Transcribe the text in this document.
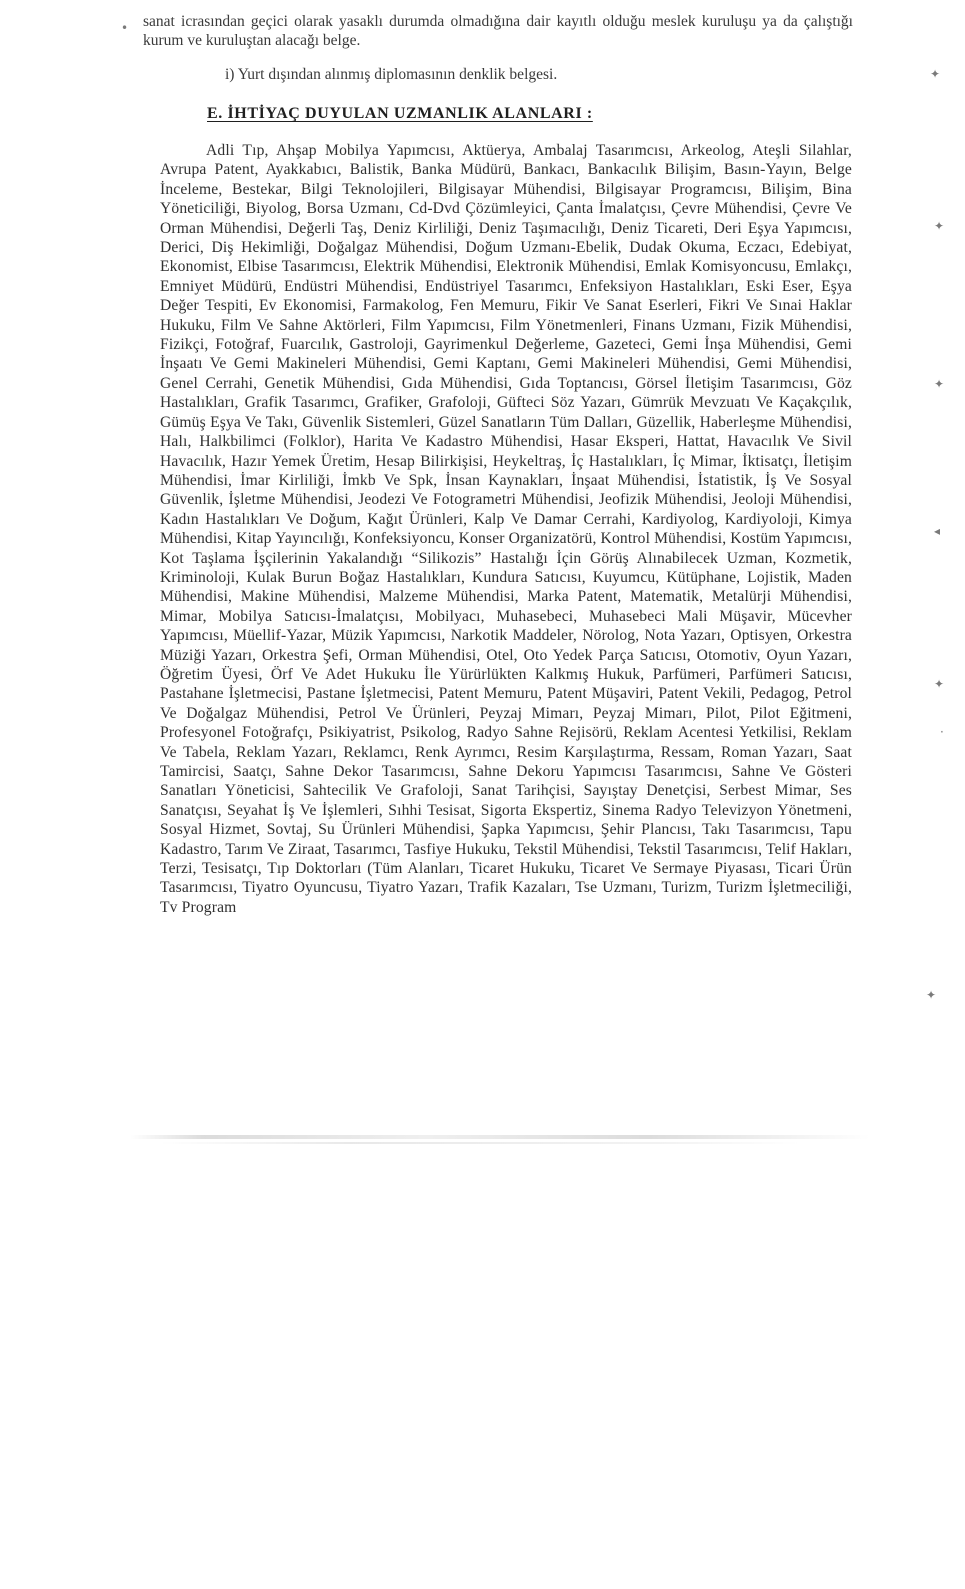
sanat icrasından geçici olarak yasaklı durumda olmadığına dair kayıtlı olduğu meslek kuruluşu ya da çalıştığı kurum ve kuruluştan alacağı belge.
i) Yurt dışından alınmış diplomasının denklik belgesi.
E. İHTİYAÇ DUYULAN UZMANLIK ALANLARI :
Adli Tıp, Ahşap Mobilya Yapımcısı, Aktüerya, Ambalaj Tasarımcısı, Arkeolog, Ateşli Silahlar, Avrupa Patent, Ayakkabıcı, Balistik, Banka Müdürü, Bankacı, Bankacılık Bilişim, Basın-Yayın, Belge İnceleme, Bestekar, Bilgi Teknolojileri, Bilgisayar Mühendisi, Bilgisayar Programcısı, Bilişim, Bina Yöneticiliği, Biyolog, Borsa Uzmanı, Cd-Dvd Çözümleyici, Çanta İmalatçısı, Çevre Mühendisi, Çevre Ve Orman Mühendisi, Değerli Taş, Deniz Kirliliği, Deniz Taşımacılığı, Deniz Ticareti, Deri Eşya Yapımcısı, Derici, Diş Hekimliği, Doğalgaz Mühendisi, Doğum Uzmanı-Ebelik, Dudak Okuma, Eczacı, Edebiyat, Ekonomist, Elbise Tasarımcısı, Elektrik Mühendisi, Elektronik Mühendisi, Emlak Komisyoncusu, Emlakçı, Emniyet Müdürü, Endüstri Mühendisi, Endüstriyel Tasarımcı, Enfeksiyon Hastalıkları, Eski Eser, Eşya Değer Tespiti, Ev Ekonomisi, Farmakolog, Fen Memuru, Fikir Ve Sanat Eserleri, Fikri Ve Sınai Haklar Hukuku, Film Ve Sahne Aktörleri, Film Yapımcısı, Film Yönetmenleri, Finans Uzmanı, Fizik Mühendisi, Fizikçi, Fotoğraf, Fuarcılık, Gastroloji, Gayrimenkul Değerleme, Gazeteci, Gemi İnşa Mühendisi, Gemi İnşaatı Ve Gemi Makineleri Mühendisi, Gemi Kaptanı, Gemi Makineleri Mühendisi, Gemi Mühendisi, Genel Cerrahi, Genetik Mühendisi, Gıda Mühendisi, Gıda Toptancısı, Görsel İletişim Tasarımcısı, Göz Hastalıkları, Grafik Tasarımcı, Grafiker, Grafoloji, Güfteci Söz Yazarı, Gümrük Mevzuatı Ve Kaçakçılık, Gümüş Eşya Ve Takı, Güvenlik Sistemleri, Güzel Sanatların Tüm Dalları, Güzellik, Haberleşme Mühendisi, Halı, Halkbilimci (Folklor), Harita Ve Kadastro Mühendisi, Hasar Eksperi, Hattat, Havacılık Ve Sivil Havacılık, Hazır Yemek Üretim, Hesap Bilirkişisi, Heykeltraş, İç Hastalıkları, İç Mimar, İktisatçı, İletişim Mühendisi, İmar Kirliliği, İmkb Ve Spk, İnsan Kaynakları, İnşaat Mühendisi, İstatistik, İş Ve Sosyal Güvenlik, İşletme Mühendisi, Jeodezi Ve Fotogrametri Mühendisi, Jeofizik Mühendisi, Jeoloji Mühendisi, Kadın Hastalıkları Ve Doğum, Kağıt Ürünleri, Kalp Ve Damar Cerrahi, Kardiyolog, Kardiyoloji, Kimya Mühendisi, Kitap Yayıncılığı, Konfeksiyoncu, Konser Organizatörü, Kontrol Mühendisi, Kostüm Yapımcısı, Kot Taşlama İşçilerinin Yakalandığı “Silikozis” Hastalığı İçin Görüş Alınabilecek Uzman, Kozmetik, Kriminoloji, Kulak Burun Boğaz Hastalıkları, Kundura Satıcısı, Kuyumcu, Kütüphane, Lojistik, Maden Mühendisi, Makine Mühendisi, Malzeme Mühendisi, Marka Patent, Matematik, Metalürji Mühendisi, Mimar, Mobilya Satıcısı-İmalatçısı, Mobilyacı, Muhasebeci, Muhasebeci Mali Müşavir, Mücevher Yapımcısı, Müellif-Yazar, Müzik Yapımcısı, Narkotik Maddeler, Nörolog, Nota Yazarı, Optisyen, Orkestra Müziği Yazarı, Orkestra Şefi, Orman Mühendisi, Otel, Oto Yedek Parça Satıcısı, Otomotiv, Oyun Yazarı, Öğretim Üyesi, Örf Ve Adet Hukuku İle Yürürlükten Kalkmış Hukuk, Parfümeri, Parfümeri Satıcısı, Pastahane İşletmecisi, Pastane İşletmecisi, Patent Memuru, Patent Müşaviri, Patent Vekili, Pedagog, Petrol Ve Doğalgaz Mühendisi, Petrol Ve Ürünleri, Peyzaj Mimarı, Peyzaj Mimarı, Pilot, Pilot Eğitmeni, Profesyonel Fotoğrafçı, Psikiyatrist, Psikolog, Radyo Sahne Rejisörü, Reklam Acentesi Yetkilisi, Reklam Ve Tabela, Reklam Yazarı, Reklamcı, Renk Ayrımcı, Resim Karşılaştırma, Ressam, Roman Yazarı, Saat Tamircisi, Saatçı, Sahne Dekor Tasarımcısı, Sahne Dekoru Yapımcısı Tasarımcısı, Sahne Ve Gösteri Sanatları Yöneticisi, Sahtecilik Ve Grafoloji, Sanat Tarihçisi, Sayıştay Denetçisi, Serbest Mimar, Ses Sanatçısı, Seyahat İş Ve İşlemleri, Sıhhi Tesisat, Sigorta Ekspertiz, Sinema Radyo Televizyon Yönetmeni, Sosyal Hizmet, Sovtaj, Su Ürünleri Mühendisi, Şapka Yapımcısı, Şehir Plancısı, Takı Tasarımcısı, Tapu Kadastro, Tarım Ve Ziraat, Tasarımcı, Tasfiye Hukuku, Tekstil Mühendisi, Tekstil Tasarımcısı, Telif Hakları, Terzi, Tesisatçı, Tıp Doktorları (Tüm Alanları, Ticaret Hukuku, Ticaret Ve Sermaye Piyasası, Ticari Ürün Tasarımcısı, Tiyatro Oyuncusu, Tiyatro Yazarı, Trafik Kazaları, Tse Uzmanı, Turizm, Turizm İşletmeciliği, Tv Program
•
✦
✦
✦
◂
✦
·
✦
